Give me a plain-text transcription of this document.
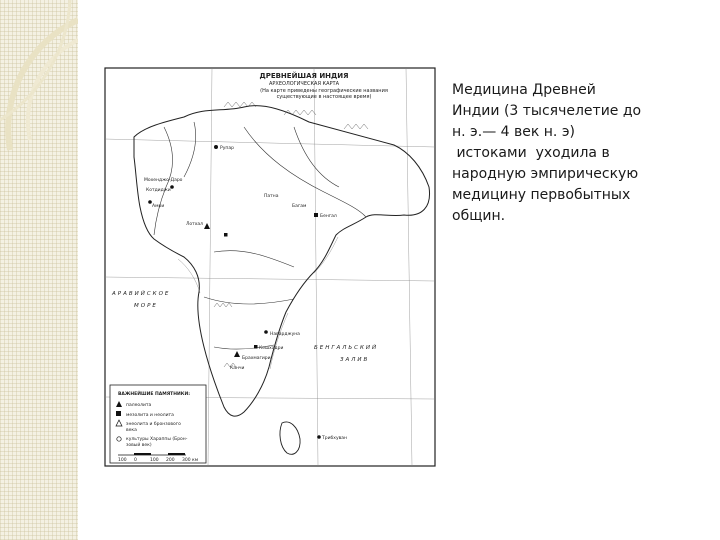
ДРЕВНЕЙШАЯ ИНДИЯ
АРХЕОЛОГИЧЕСКАЯ КАРТА
(На карте приведены географические названия
существующие в настоящее время)
АРАВИЙСКОЕ
МОРЕ
БЕНГАЛЬСКИЙ
ЗАЛИВ
Рупар
Котдиджи
Амри
Мохенджо-Даро
Лотхал
Патна
Багам
Бенгал
Брахмагири
Кешхадри
Наварджуна
Канчи
Трибхуван
ВАЖНЕЙШИЕ ПАМЯТНИКИ:
палеолита
мезолита и неолита
энеолита и бронзового
века
культуры Хараппы (Брон-
зовый век)
100 0	100 200 300 км
Медицина Древней
Индии (3 тысячелетие до
н. э.— 4 век н. э)
истоками  уходила в
народную эмпирическую
медицину первобытных
общин.
